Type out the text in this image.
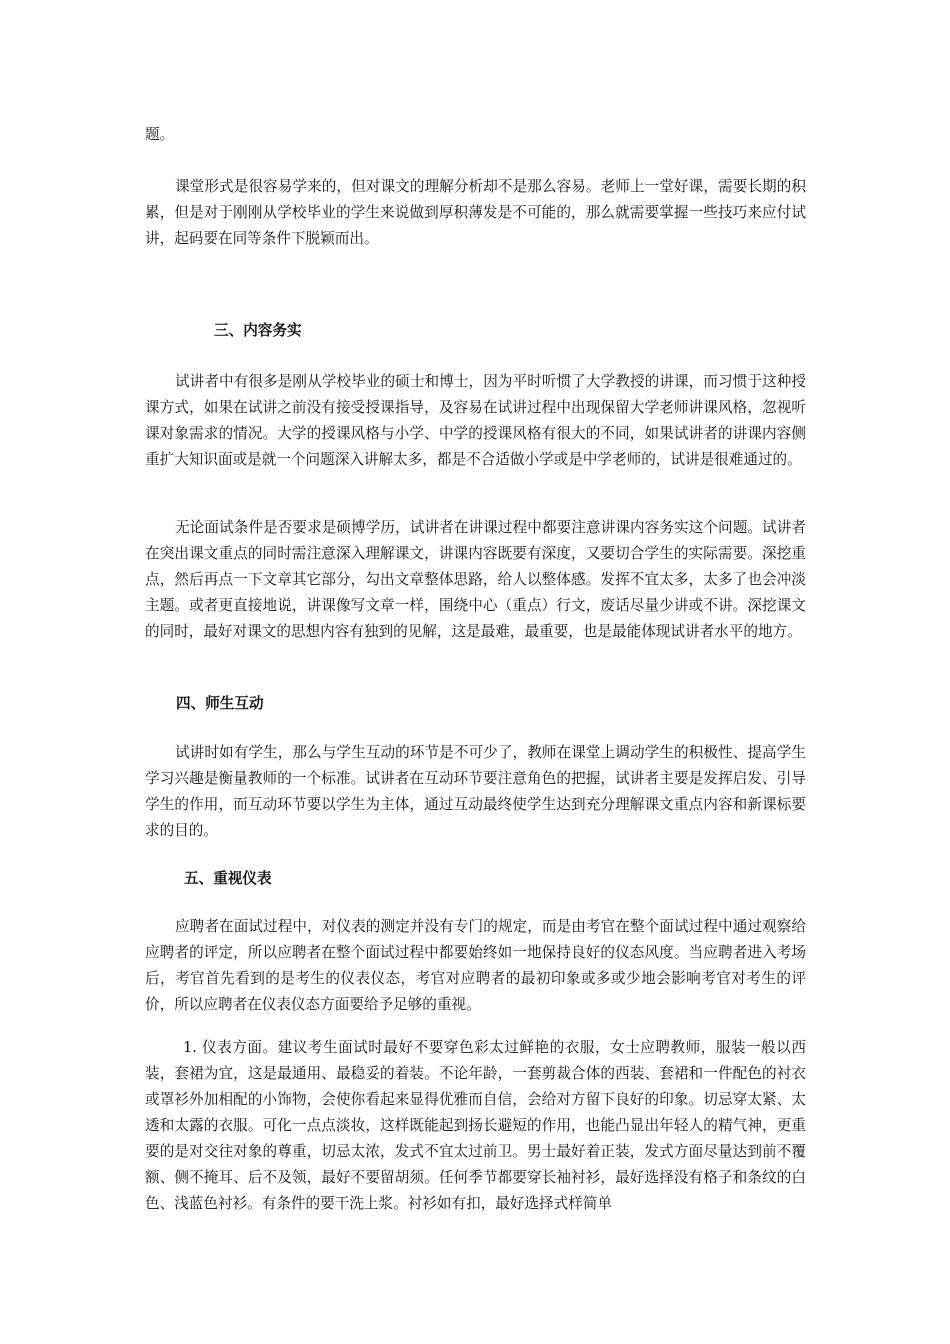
题。

课堂形式是很容易学来的，但对课文的理解分析却不是那么容易。老师上一堂好课，需要长期的积累，但是对于刚刚从学校毕业的学生来说做到厚积薄发是不可能的，那么就需要掌握一些技巧来应付试讲，起码要在同等条件下脱颖而出。

三、内容务实

试讲者中有很多是刚从学校毕业的硕士和博士，因为平时听惯了大学教授的讲课，而习惯于这种授课方式，如果在试讲之前没有接受授课指导，及容易在试讲过程中出现保留大学老师讲课风格，忽视听课对象需求的情况。大学的授课风格与小学、中学的授课风格有很大的不同，如果试讲者的讲课内容侧重扩大知识面或是就一个问题深入讲解太多，都是不合适做小学或是中学老师的，试讲是很难通过的。

无论面试条件是否要求是硕博学历，试讲者在讲课过程中都要注意讲课内容务实这个问题。试讲者在突出课文重点的同时需注意深入理解课文，讲课内容既要有深度，又要切合学生的实际需要。深挖重点，然后再点一下文章其它部分，勾出文章整体思路，给人以整体感。发挥不宜太多，太多了也会冲淡主题。或者更直接地说，讲课像写文章一样，围绕中心（重点）行文，废话尽量少讲或不讲。深挖课文的同时，最好对课文的思想内容有独到的见解，这是最难，最重要，也是最能体现试讲者水平的地方。

四、师生互动

试讲时如有学生，那么与学生互动的环节是不可少了，教师在课堂上调动学生的积极性、提高学生学习兴趣是衡量教师的一个标准。试讲者在互动环节要注意角色的把握，试讲者主要是发挥启发、引导学生的作用，而互动环节要以学生为主体，通过互动最终使学生达到充分理解课文重点内容和新课标要求的目的。

五、重视仪表

应聘者在面试过程中，对仪表的测定并没有专门的规定，而是由考官在整个面试过程中通过观察给应聘者的评定，所以应聘者在整个面试过程中都要始终如一地保持良好的仪态风度。当应聘者进入考场后，考官首先看到的是考生的仪表仪态，考官对应聘者的最初印象或多或少地会影响考官对考生的评价，所以应聘者在仪表仪态方面要给予足够的重视。

1. 仪表方面。建议考生面试时最好不要穿色彩太过鲜艳的衣服，女士应聘教师，服装一般以西装，套裙为宜，这是最通用、最稳妥的着装。不论年龄，一套剪裁合体的西装、套裙和一件配色的衬衣或罩衫外加相配的小饰物，会使你看起来显得优雅而自信，会给对方留下良好的印象。切忌穿太紧、太透和太露的衣服。可化一点点淡妆，这样既能起到扬长避短的作用，也能凸显出年轻人的精气神，更重要的是对交往对象的尊重，切忌太浓，发式不宜太过前卫。男士最好着正装，发式方面尽量达到前不覆额、侧不掩耳、后不及领，最好不要留胡须。任何季节都要穿长袖衬衫，最好选择没有格子和条纹的白色、浅蓝色衬衫。有条件的要干洗上浆。衬衫如有扣，最好选择式样简单
